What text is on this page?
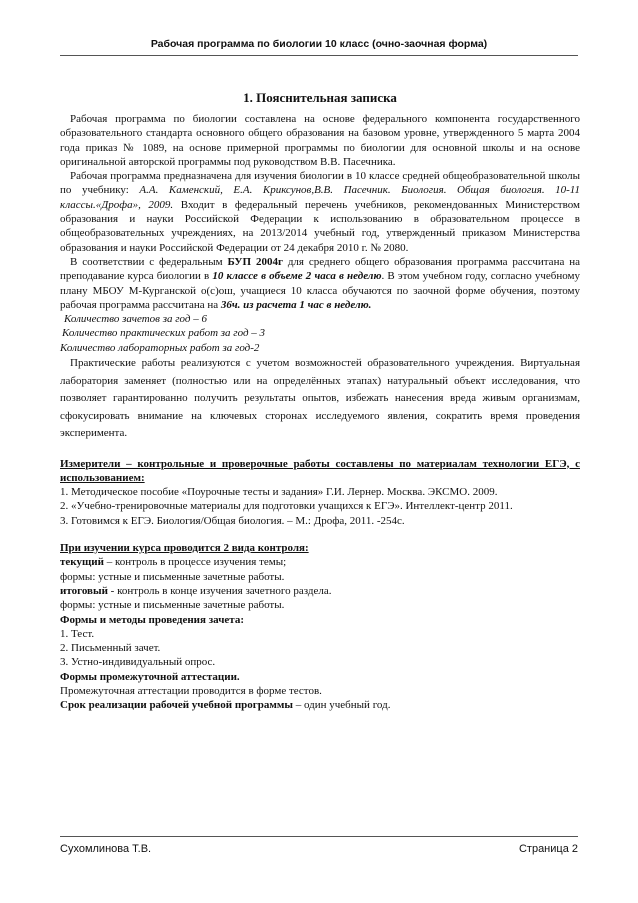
Рабочая программа по биологии 10 класс (очно-заочная форма)

1. Пояснительная записка

Рабочая программа по биологии составлена на основе федерального компонента государственного образовательного стандарта основного общего образования на базовом уровне, утвержденного 5 марта 2004 года приказ № 1089, на основе примерной программы по биологии для основной школы и на основе оригинальной авторской программы под руководством В.В. Пасечника.

Рабочая программа предназначена для изучения биологии в 10 классе средней общеобразовательной школы по учебнику: А.А. Каменский, Е.А. Криксунов,В.В. Пасечник. Биология. Общая биология. 10-11 классы.«Дрофа», 2009. Входит в федеральный перечень учебников, рекомендованных Министерством образования и науки Российской Федерации к использованию в образовательном процессе в общеобразовательных учреждениях, на 2013/2014 учебный год, утвержденный приказом Министерства образования и науки Российской Федерации от 24 декабря 2010 г. № 2080.

В соответствии с федеральным БУП 2004г для среднего общего образования программа рассчитана на преподавание курса биологии в 10 классе в объеме 2 часа в неделю. В этом учебном году, согласно учебному плану МБОУ М-Курганской о(с)ош, учащиеся 10 класса обучаются по заочной форме обучения, поэтому рабочая программа рассчитана на 36ч. из расчета 1 час в неделю.

Количество зачетов за год – 6

Количество практических работ за год – 3

Количество лабораторных работ за год-2

Практические работы реализуются с учетом возможностей образовательного учреждения. Виртуальная лаборатория заменяет (полностью или на определённых этапах) натуральный объект исследования, что позволяет гарантированно получить результаты опытов, избежать нанесения вреда живым организмам, сфокусировать внимание на ключевых сторонах исследуемого явления, сократить время проведения эксперимента.

Измерители – контрольные и проверочные работы составлены по материалам технологии ЕГЭ, с использованием:

1. Методическое пособие «Поурочные тесты и задания» Г.И. Лернер. Москва. ЭКСМО. 2009.

2. «Учебно-тренировочные материалы для подготовки учащихся к ЕГЭ». Интеллект-центр 2011.

3. Готовимся к ЕГЭ. Биология/Общая биология. – М.: Дрофа, 2011. -254с.

При изучении курса проводится 2 вида контроля:

текущий – контроль в процессе изучения темы;

формы: устные и письменные зачетные работы.

итоговый - контроль в конце изучения зачетного раздела.

формы: устные и письменные зачетные работы.

Формы и методы проведения зачета:

1. Тест.

2. Письменный зачет.

3. Устно-индивидуальный опрос.

Формы промежуточной аттестации.

Промежуточная аттестации проводится в форме тестов.

Срок реализации рабочей учебной программы – один учебный год.

Сухомлинова Т.В.	Страница 2
